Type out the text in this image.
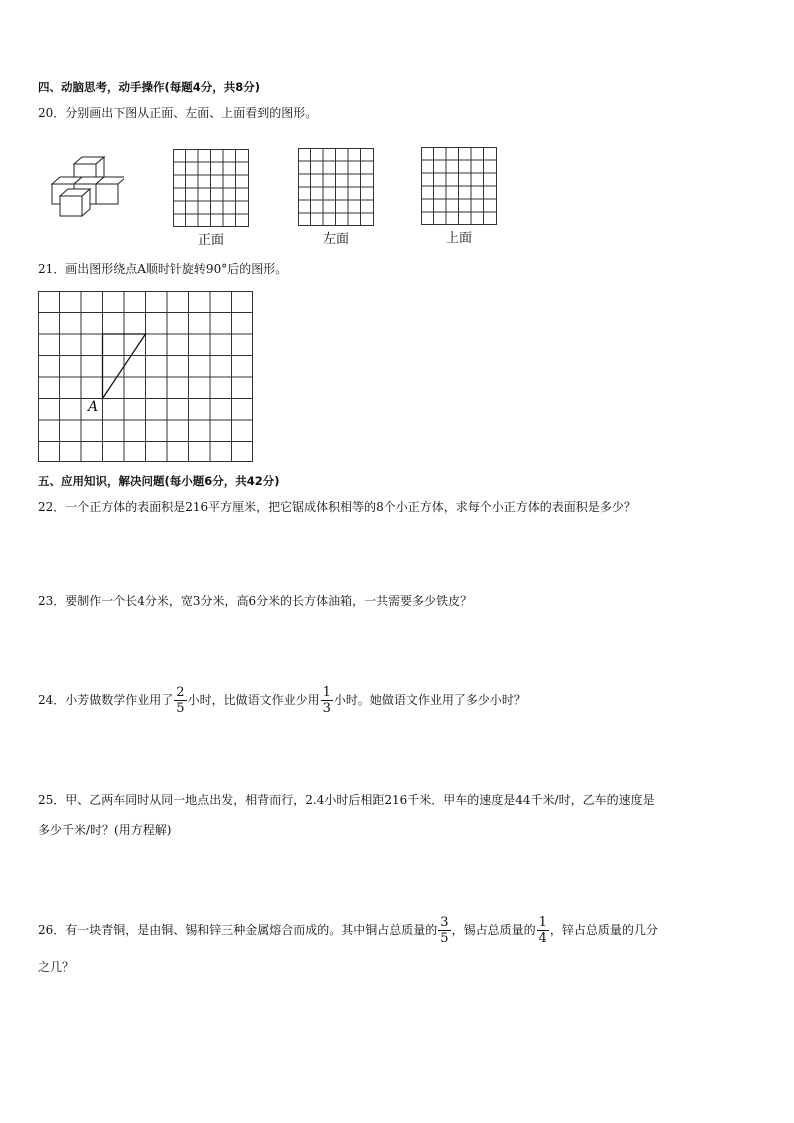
四、动脑思考，动手操作(每题4分，共8分)
20．分别画出下图从正面、左面、上面看到的图形。
正面	左面	上面
21．画出图形绕点A顺时针旋转90°后的图形。
A
五、应用知识，解决问题(每小题6分，共42分)
22．一个正方体的表面积是216平方厘米，把它锯成体积相等的8个小正方体，求每个小正方体的表面积是多少？
23．要制作一个长4分米，宽3分米，高6分米的长方体油箱，一共需要多少铁皮？
24．小芳做数学作业用了 $\frac{2}{5}$ 小时，比做语文作业少用 $\frac{1}{3}$ 小时。她做语文作业用了多少小时？
25．甲、乙两车同时从同一地点出发，相背而行，2.4小时后相距216千米．甲车的速度是44千米/时，乙车的速度是
多少千米/时？(用方程解)
26．有一块青铜，是由铜、锡和锌三种金属熔合而成的。其中铜占总质量的 $\frac{3}{5}$ ，锡占总质量的 $\frac{1}{4}$ ，锌占总质量的几分
之几？
